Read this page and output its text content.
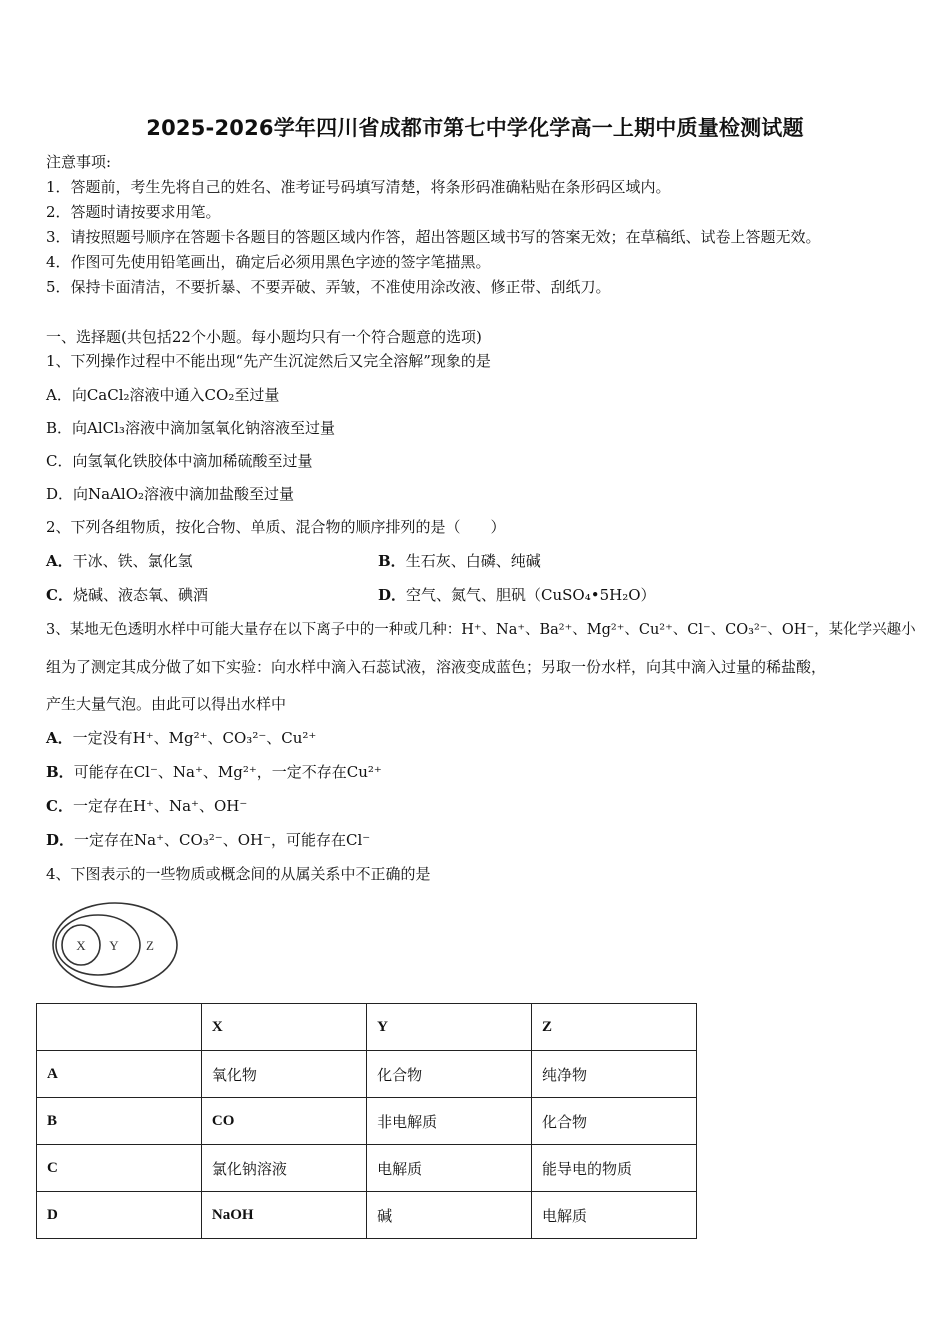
2025-2026学年四川省成都市第七中学化学高一上期中质量检测试题
注意事项:
1．答题前，考生先将自己的姓名、准考证号码填写清楚，将条形码准确粘贴在条形码区域内。
2．答题时请按要求用笔。
3．请按照题号顺序在答题卡各题目的答题区域内作答，超出答题区域书写的答案无效；在草稿纸、试卷上答题无效。
4．作图可先使用铅笔画出，确定后必须用黑色字迹的签字笔描黑。
5．保持卡面清洁，不要折暴、不要弄破、弄皱，不准使用涂改液、修正带、刮纸刀。
一、选择题(共包括22个小题。每小题均只有一个符合题意的选项)
1、下列操作过程中不能出现“先产生沉淀然后又完全溶解”现象的是
A．向CaCl₂溶液中通入CO₂至过量
B．向AlCl₃溶液中滴加氢氧化钠溶液至过量
C．向氢氧化铁胶体中滴加稀硫酸至过量
D．向NaAlO₂溶液中滴加盐酸至过量
2、下列各组物质，按化合物、单质、混合物的顺序排列的是（　　）
A．干冰、铁、氯化氢	B．生石灰、白磷、纯碱
C．烧碱、液态氧、碘酒	D．空气、氮气、胆矾（CuSO₄•5H₂O）
3、某地无色透明水样中可能大量存在以下离子中的一种或几种：H⁺、Na⁺、Ba²⁺、Mg²⁺、Cu²⁺、Cl⁻、CO₃²⁻、OH⁻，某化学兴趣小
组为了测定其成分做了如下实验：向水样中滴入石蕊试液，溶液变成蓝色；另取一份水样，向其中滴入过量的稀盐酸，
产生大量气泡。由此可以得出水样中
A．一定没有H⁺、Mg²⁺、CO₃²⁻、Cu²⁺
B．可能存在Cl⁻、Na⁺、Mg²⁺，一定不存在Cu²⁺
C．一定存在H⁺、Na⁺、OH⁻
D．一定存在Na⁺、CO₃²⁻、OH⁻，可能存在Cl⁻
4、下图表示的一些物质或概念间的从属关系中不正确的是
X Y Z
	X	Y	Z
A	氧化物	化合物	纯净物
B	CO	非电解质	化合物
C	氯化钠溶液	电解质	能导电的物质
D	NaOH	碱	电解质
